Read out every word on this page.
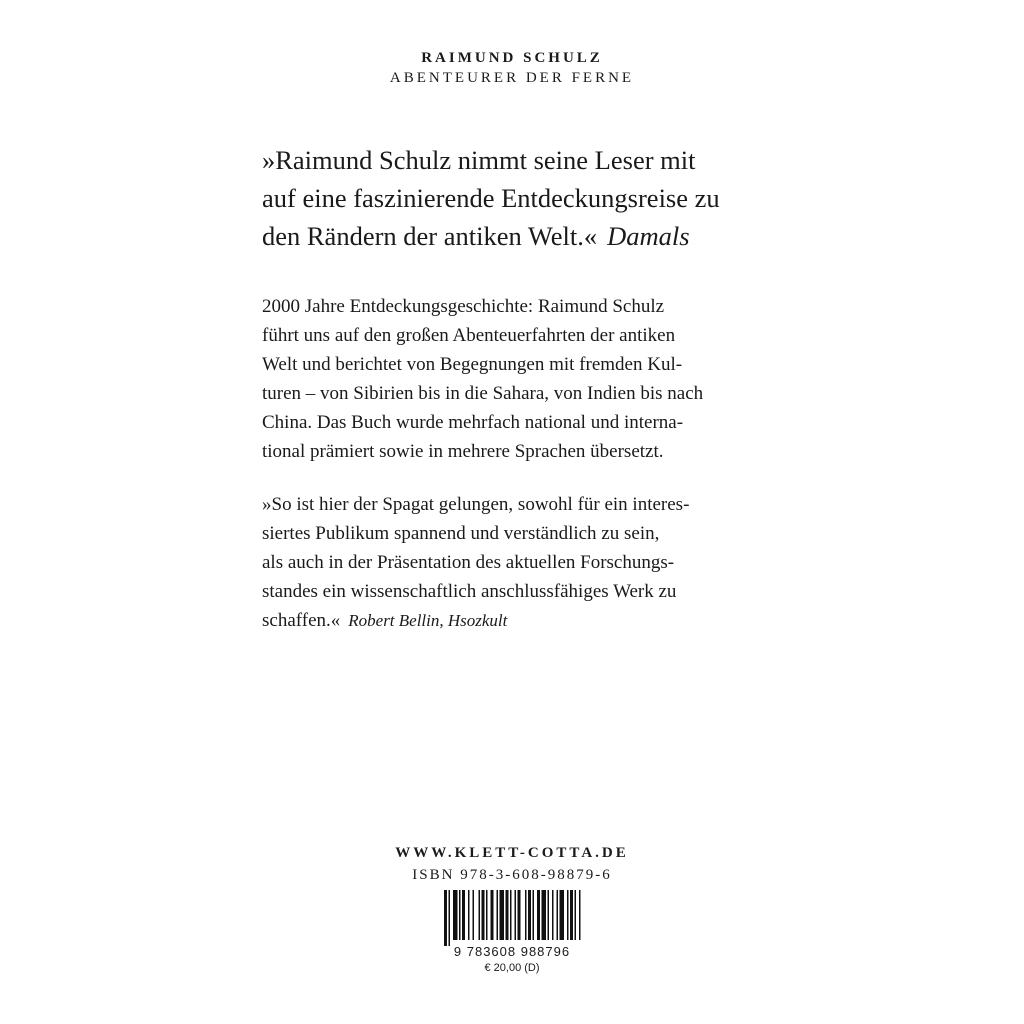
RAIMUND SCHULZ
ABENTEURER DER FERNE
»Raimund Schulz nimmt seine Leser mit
auf eine faszinierende Entdeckungsreise zu
den Rändern der antiken Welt.« Damals
2000 Jahre Entdeckungsgeschichte: Raimund Schulz
führt uns auf den großen Abenteuerfahrten der antiken
Welt und berichtet von Begegnungen mit fremden Kul-
turen – von Sibirien bis in die Sahara, von Indien bis nach
China. Das Buch wurde mehrfach national und interna-
tional prämiert sowie in mehrere Sprachen übersetzt.
»So ist hier der Spagat gelungen, sowohl für ein interes-
siertes Publikum spannend und verständlich zu sein,
als auch in der Präsentation des aktuellen Forschungs-
standes ein wissenschaftlich anschlussfähiges Werk zu
schaffen.« Robert Bellin, Hsozkult
WWW.KLETT-COTTA.DE
ISBN 978-3-608-98879-6
9 783608 988796
€ 20,00 (D)
